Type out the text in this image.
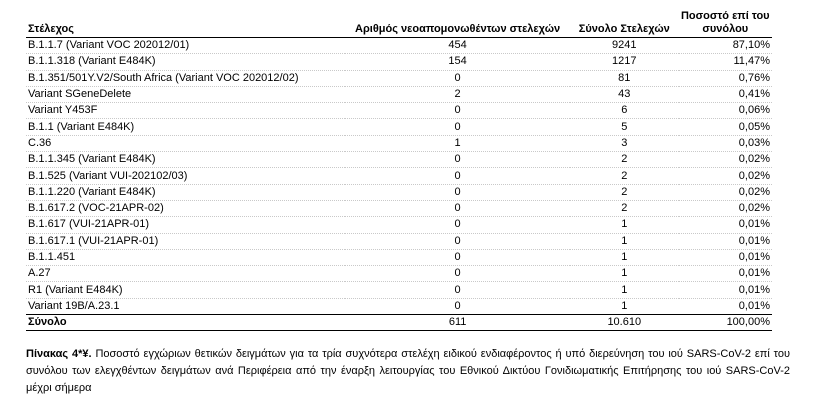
Στέλεχος	Αριθμός νεοαπομονωθέντων στελεχών	Σύνολο Στελεχών	Ποσοστό επί του συνόλου
B.1.1.7 (Variant VOC 202012/01)	454	9241	87,10%
B.1.1.318 (Variant E484K)	154	1217	11,47%
B.1.351/501Y.V2/South Africa (Variant VOC 202012/02)	0	81	0,76%
Variant SGeneDelete	2	43	0,41%
Variant Y453F	0	6	0,06%
B.1.1 (Variant E484K)	0	5	0,05%
C.36	1	3	0,03%
B.1.1.345 (Variant E484K)	0	2	0,02%
B.1.525 (Variant VUI-202102/03)	0	2	0,02%
B.1.1.220 (Variant E484K)	0	2	0,02%
B.1.617.2 (VOC-21APR-02)	0	2	0,02%
B.1.617 (VUI-21APR-01)	0	1	0,01%
B.1.617.1 (VUI-21APR-01)	0	1	0,01%
B.1.1.451	0	1	0,01%
A.27	0	1	0,01%
R1 (Variant E484K)	0	1	0,01%
Variant 19B/A.23.1	0	1	0,01%
Σύνολο	611	10.610	100,00%
Πίνακας 4*¥. Ποσοστό εγχώριων θετικών δειγμάτων για τα τρία συχνότερα στελέχη ειδικού ενδιαφέροντος ή υπό διερεύνηση του ιού SARS-CoV-2 επί του συνόλου των ελεγχθέντων δειγμάτων ανά Περιφέρεια από την έναρξη λειτουργίας του Εθνικού Δικτύου Γονιδιωματικής Επιτήρησης του ιού SARS-CoV-2 μέχρι σήμερα
